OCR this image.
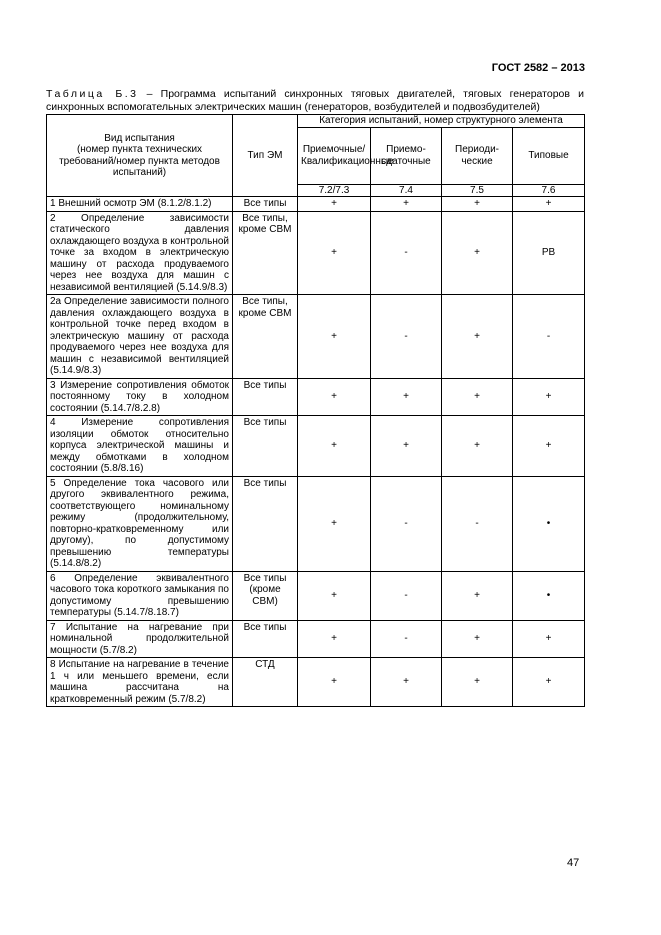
ГОСТ 2582 – 2013
Таблица Б.3 – Программа испытаний синхронных тяговых двигателей, тяговых генераторов и синхронных вспомогательных электрических машин (генераторов, возбудителей и подвозбудителей)
Вид испытания
(номер пункта технических требований/номер пункта методов испытаний)	Тип ЭМ	Категория испытаний, номер структурного элемента			
		Приемочные/Квалификационные	Приемо-сдаточные	Периоди-ческие	Типовые
		7.2/7.3	7.4	7.5	7.6
1 Внешний осмотр ЭМ (8.1.2/8.1.2)	Все типы	+	+	+	+
2 Определение зависимости статического давления охлаждающего воздуха в контрольной точке за входом в электрическую машину от расхода продуваемого через нее воздуха для машин с независимой вентиляцией (5.14.9/8.3)	Все типы, кроме СВМ	+	-	+	РВ
2а Определение зависимости полного давления охлаждающего воздуха в контрольной точке перед входом в электрическую машину от расхода продуваемого через нее воздуха для машин с независимой вентиляцией (5.14.9/8.3)	Все типы, кроме СВМ	+	-	+	-
3 Измерение сопротивления обмоток постоянному току в холодном состоянии (5.14.7/8.2.8)	Все типы	+	+	+	+
4 Измерение сопротивления изоляции обмоток относительно корпуса электрической машины и между обмотками в холодном состоянии (5.8/8.16)	Все типы	+	+	+	+
5 Определение тока часового или другого эквивалентного режима, соответствующего номинальному режиму (продолжительному, повторно-кратковременному или другому), по допустимому превышению температуры (5.14.8/8.2)	Все типы	+	-	-	•
6 Определение эквивалентного часового тока короткого замыкания по допустимому превышению температуры (5.14.7/8.18.7)	Все типы (кроме СВМ)	+	-	+	•
7 Испытание на нагревание при номинальной продолжительной мощности (5.7/8.2)	Все типы	+	-	+	+
8 Испытание на нагревание в течение 1 ч или меньшего времени, если машина рассчитана на кратковременный режим (5.7/8.2)	СТД	+	+	+	+
47
